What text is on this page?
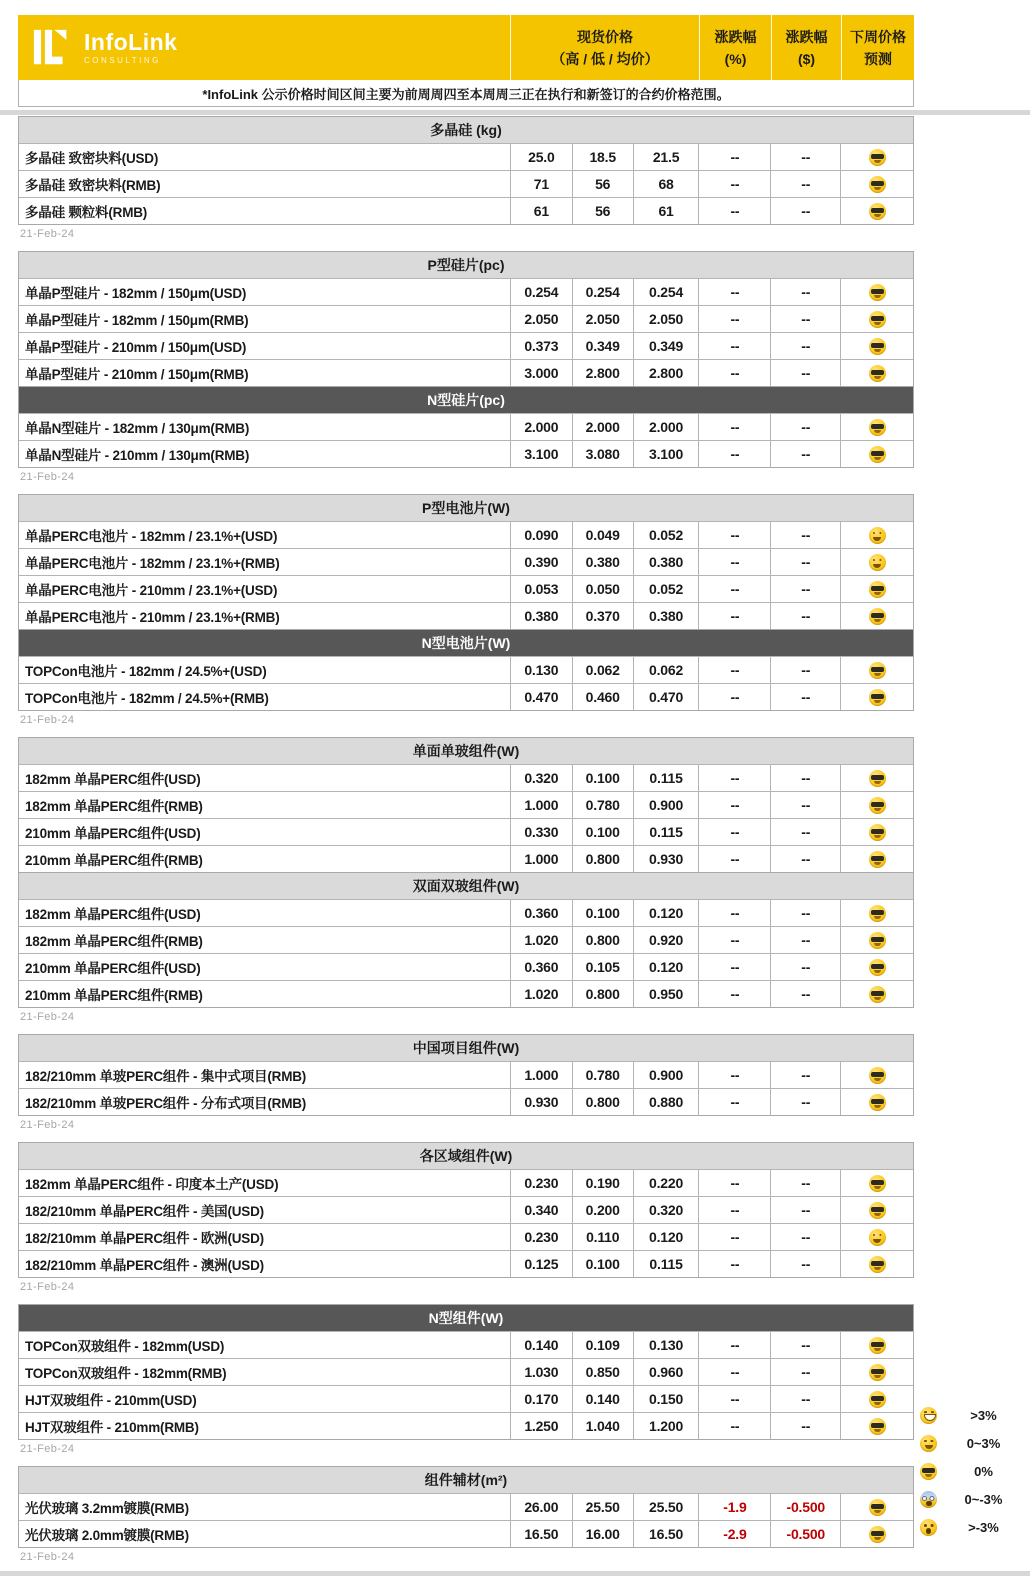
InfoLink
CONSULTING
现货价格
（高 / 低 / 均价）
涨跌幅
(%)
涨跌幅
($)
下周价格
预测
*InfoLink 公示价格时间区间主要为前周周四至本周周三正在执行和新签订的合约价格范围。
多晶硅 (kg)
多晶硅 致密块料(USD)	25.0	18.5	21.5	--	--
多晶硅 致密块料(RMB)	71	56	68	--	--
多晶硅 颗粒料(RMB)	61	56	61	--	--
21-Feb-24
P型硅片(pc)
单晶P型硅片 - 182mm / 150μm(USD)	0.254	0.254	0.254	--	--
单晶P型硅片 - 182mm / 150μm(RMB)	2.050	2.050	2.050	--	--
单晶P型硅片 - 210mm / 150μm(USD)	0.373	0.349	0.349	--	--
单晶P型硅片 - 210mm / 150μm(RMB)	3.000	2.800	2.800	--	--
N型硅片(pc)
单晶N型硅片 - 182mm / 130μm(RMB)	2.000	2.000	2.000	--	--
单晶N型硅片 - 210mm / 130μm(RMB)	3.100	3.080	3.100	--	--
21-Feb-24
P型电池片(W)
单晶PERC电池片 - 182mm / 23.1%+(USD)	0.090	0.049	0.052	--	--
单晶PERC电池片 - 182mm / 23.1%+(RMB)	0.390	0.380	0.380	--	--
单晶PERC电池片 - 210mm / 23.1%+(USD)	0.053	0.050	0.052	--	--
单晶PERC电池片 - 210mm / 23.1%+(RMB)	0.380	0.370	0.380	--	--
N型电池片(W)
TOPCon电池片 - 182mm / 24.5%+(USD)	0.130	0.062	0.062	--	--
TOPCon电池片 - 182mm / 24.5%+(RMB)	0.470	0.460	0.470	--	--
21-Feb-24
单面单玻组件(W)
182mm 单晶PERC组件(USD)	0.320	0.100	0.115	--	--
182mm 单晶PERC组件(RMB)	1.000	0.780	0.900	--	--
210mm 单晶PERC组件(USD)	0.330	0.100	0.115	--	--
210mm 单晶PERC组件(RMB)	1.000	0.800	0.930	--	--
双面双玻组件(W)
182mm 单晶PERC组件(USD)	0.360	0.100	0.120	--	--
182mm 单晶PERC组件(RMB)	1.020	0.800	0.920	--	--
210mm 单晶PERC组件(USD)	0.360	0.105	0.120	--	--
210mm 单晶PERC组件(RMB)	1.020	0.800	0.950	--	--
21-Feb-24
中国项目组件(W)
182/210mm 单玻PERC组件 - 集中式项目(RMB)	1.000	0.780	0.900	--	--
182/210mm 单玻PERC组件 - 分布式项目(RMB)	0.930	0.800	0.880	--	--
21-Feb-24
各区域组件(W)
182mm 单晶PERC组件 - 印度本土产(USD)	0.230	0.190	0.220	--	--
182/210mm 单晶PERC组件 - 美国(USD)	0.340	0.200	0.320	--	--
182/210mm 单晶PERC组件 - 欧洲(USD)	0.230	0.110	0.120	--	--
182/210mm 单晶PERC组件 - 澳洲(USD)	0.125	0.100	0.115	--	--
21-Feb-24
N型组件(W)
TOPCon双玻组件 - 182mm(USD)	0.140	0.109	0.130	--	--
TOPCon双玻组件 - 182mm(RMB)	1.030	0.850	0.960	--	--
HJT双玻组件 - 210mm(USD)	0.170	0.140	0.150	--	--
HJT双玻组件 - 210mm(RMB)	1.250	1.040	1.200	--	--
21-Feb-24
组件辅材(m²)
光伏玻璃 3.2mm镀膜(RMB)	26.00	25.50	25.50	-1.9	-0.500
光伏玻璃 2.0mm镀膜(RMB)	16.50	16.00	16.50	-2.9	-0.500
21-Feb-24
>3%
0~3%
0%
0~-3%
>-3%
